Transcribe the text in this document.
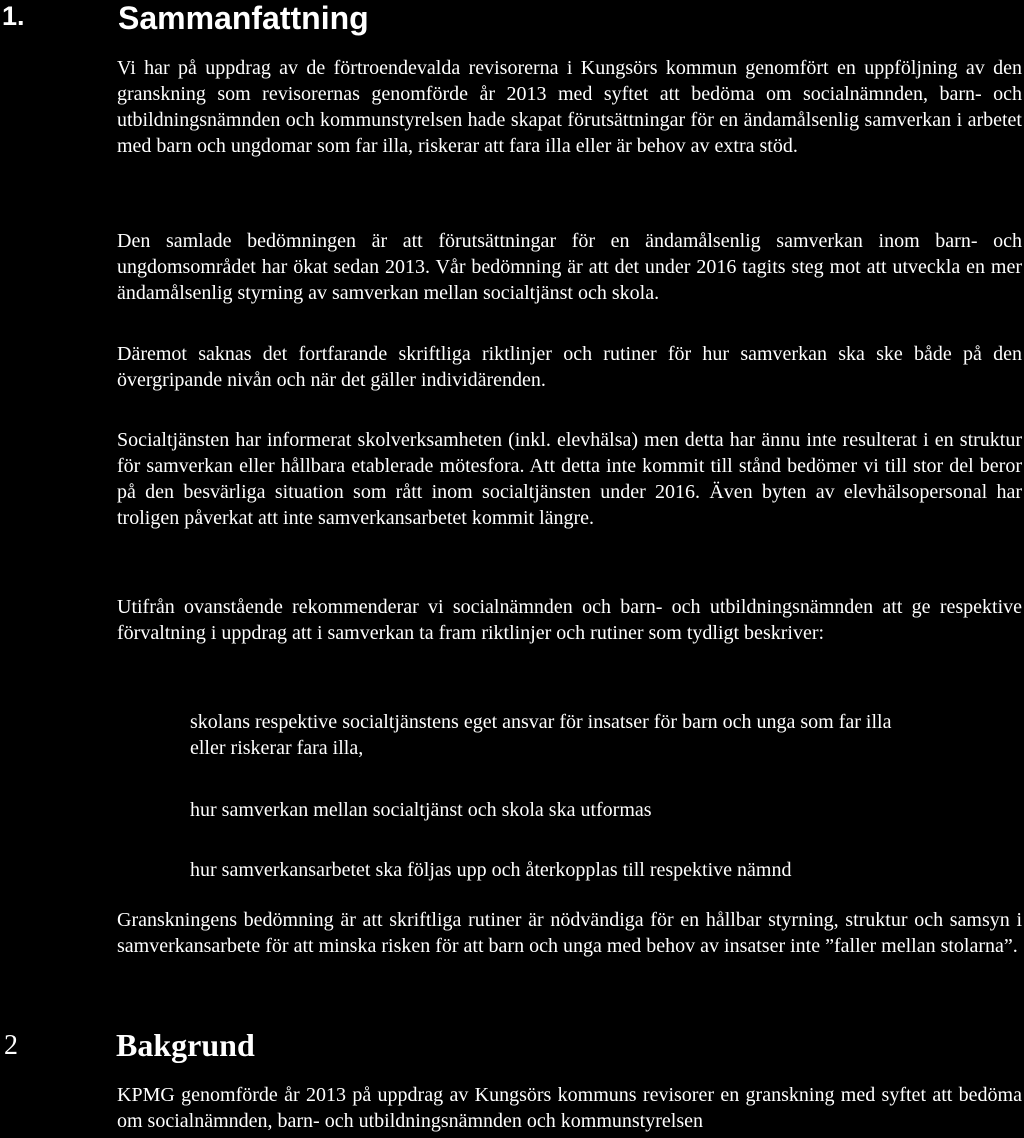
1.	Sammanfattning
Vi har på uppdrag av de förtroendevalda revisorerna i Kungsörs kommun genomfört en uppföljning av den granskning som revisorernas genomförde år 2013 med syftet att bedöma om socialnämnden, barn- och utbildningsnämnden och kommunstyrelsen hade skapat förutsättningar för en ändamålsenlig samverkan i arbetet med barn och ungdomar som far illa, riskerar att fara illa eller är behov av extra stöd.
Den samlade bedömningen är att förutsättningar för en ändamålsenlig samverkan inom barn- och ungdomsområdet har ökat sedan 2013. Vår bedömning är att det under 2016 tagits steg mot att utveckla en mer ändamålsenlig styrning av samverkan mellan socialtjänst och skola.
Däremot saknas det fortfarande skriftliga riktlinjer och rutiner för hur samverkan ska ske både på den övergripande nivån och när det gäller individärenden.
Socialtjänsten har informerat skolverksamheten (inkl. elevhälsa) men detta har ännu inte resulterat i en struktur för samverkan eller hållbara etablerade mötesfora. Att detta inte kommit till stånd bedömer vi till stor del beror på den besvärliga situation som rått inom socialtjänsten under 2016. Även byten av elevhälsopersonal har troligen påverkat att inte samverkansarbetet kommit längre.
Utifrån ovanstående rekommenderar vi socialnämnden och barn- och utbildningsnämnden att ge respektive förvaltning i uppdrag att i samverkan ta fram riktlinjer och rutiner som tydligt beskriver:
skolans respektive socialtjänstens eget ansvar för insatser för barn och unga som far illa eller riskerar fara illa,
hur samverkan mellan socialtjänst och skola ska utformas
hur samverkansarbetet ska följas upp och återkopplas till respektive nämnd
Granskningens bedömning är att skriftliga rutiner är nödvändiga för en hållbar styrning, struktur och samsyn i samverkansarbete för att minska risken för att barn och unga med behov av insatser inte ”faller mellan stolarna”.
2	Bakgrund
KPMG genomförde år 2013 på uppdrag av Kungsörs kommuns revisorer en granskning med syftet att bedöma om socialnämnden, barn- och utbildningsnämnden och kommunstyrelsen
